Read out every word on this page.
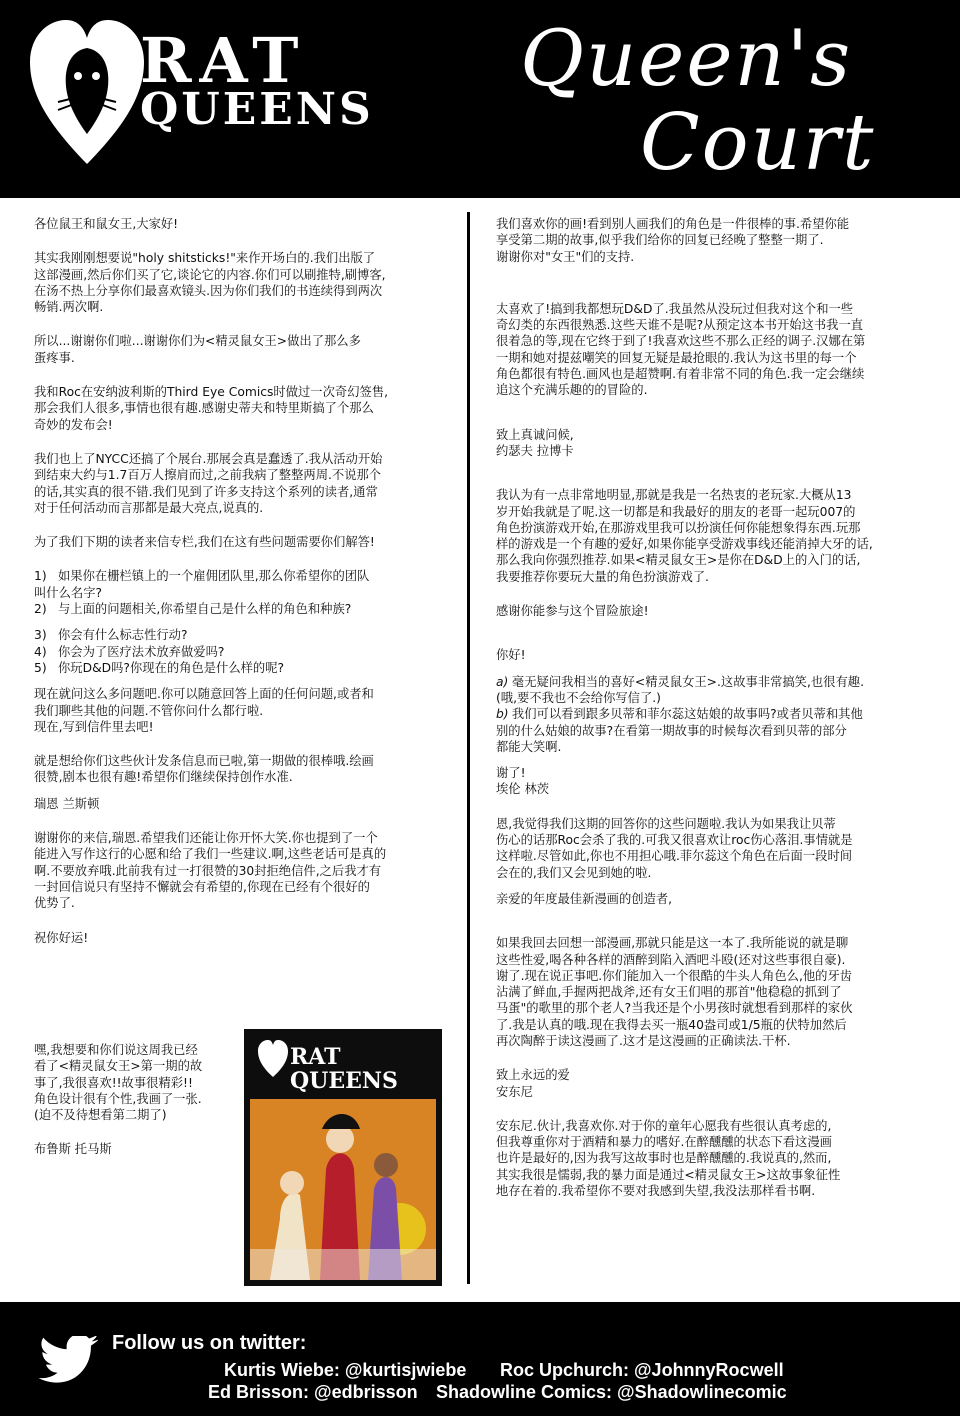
RAT
QUEENS
Queen's
Court

各位鼠王和鼠女王,大家好!

其实我刚刚想要说"holy shitsticks!"来作开场白的.我们出版了
这部漫画,然后你们买了它,谈论它的内容.你们可以刷推特,刷博客,
在汤不热上分享你们最喜欢镜头.因为你们我们的书连续得到两次
畅销.两次啊.

所以...谢谢你们啦...谢谢你们为<精灵鼠女王>做出了那么多
蛋疼事.

我和Roc在安纳波利斯的Third Eye Comics时做过一次奇幻签售,
那会我们人很多,事情也很有趣.感谢史蒂夫和特里斯搞了个那么
奇妙的发布会!

我们也上了NYCC还搞了个展台.那展会真是蠢透了.我从活动开始
到结束大约与1.7百万人擦肩而过,之前我病了整整两周.不说那个
的话,其实真的很不错.我们见到了许多支持这个系列的读者,通常
对于任何活动而言那都是最大亮点,说真的.

为了我们下期的读者来信专栏,我们在这有些问题需要你们解答!

1) 如果你在栅栏镇上的一个雇佣团队里,那么你希望你的团队
叫什么名字?
2) 与上面的问题相关,你希望自己是什么样的角色和种族?
3) 你会有什么标志性行动?
4) 你会为了医疗法术放弃做爱吗?
5) 你玩D&D吗?你现在的角色是什么样的呢?

现在就问这么多问题吧.你可以随意回答上面的任何问题,或者和
我们聊些其他的问题.不管你问什么都行啦.
现在,写到信件里去吧!

就是想给你们这些伙计发条信息而已啦,第一期做的很棒哦.绘画
很赞,剧本也很有趣!希望你们继续保持创作水准.

瑞恩 兰斯顿

谢谢你的来信,瑞恩.希望我们还能让你开怀大笑.你也提到了一个
能进入写作这行的心愿和给了我们一些建议.啊,这些老话可是真的
啊.不要放弃哦.此前我有过一打很赞的30封拒绝信件,之后我才有
一封回信说只有坚持不懈就会有希望的,你现在已经有个很好的
优势了.

祝你好运!

嘿,我想要和你们说这周我已经
看了<精灵鼠女王>第一期的故
事了,我很喜欢!!故事很精彩!!
角色设计很有个性,我画了一张.
(迫不及待想看第二期了)

布鲁斯 托马斯

RAT QUEENS

我们喜欢你的画!看到别人画我们的角色是一件很棒的事.希望你能
享受第二期的故事,似乎我们给你的回复已经晚了整整一期了.
谢谢你对"女王"们的支持.

太喜欢了!搞到我都想玩D&D了.我虽然从没玩过但我对这个和一些
奇幻类的东西很熟悉.这些天谁不是呢?从预定这本书开始这书我一直
很着急的等,现在它终于到了!我喜欢这些不那么正经的调子.汉娜在第
一期和她对提兹嘲笑的回复无疑是最抢眼的.我认为这书里的每一个
角色都很有特色.画风也是超赞啊.有着非常不同的角色.我一定会继续
追这个充满乐趣的的冒险的.

致上真诚问候,
约瑟夫 拉博卡

我认为有一点非常地明显,那就是我是一名热衷的老玩家.大概从13
岁开始我就是了呢.这一切都是和我最好的朋友的老哥一起玩007的
角色扮演游戏开始,在那游戏里我可以扮演任何你能想象得东西.玩那
样的游戏是一个有趣的爱好,如果你能享受游戏事线还能消掉大牙的话,
那么我向你强烈推荐.如果<精灵鼠女王>是你在D&D上的入门的话,
我要推荐你要玩大量的角色扮演游戏了.

感谢你能参与这个冒险旅途!

你好!

a) 毫无疑问我相当的喜好<精灵鼠女王>.这故事非常搞笑,也很有趣.
(哦,要不我也不会给你写信了.)

b) 我们可以看到跟多贝蒂和菲尔蕊这姑娘的故事吗?或者贝蒂和其他
别的什么姑娘的故事?在看第一期故事的时候每次看到贝蒂的部分
都能大笑啊.

谢了!
埃伦 林茨

恩,我觉得我们这期的回答你的这些问题啦.我认为如果我让贝蒂
伤心的话那Roc会杀了我的.可我又很喜欢让roc伤心落泪.事情就是
这样啦.尽管如此,你也不用担心哦.菲尔蕊这个角色在后面一段时间
会在的,我们又会见到她的啦.

亲爱的年度最佳新漫画的创造者,

如果我回去回想一部漫画,那就只能是这一本了.我所能说的就是聊
这些性爱,喝各种各样的酒醉到陷入酒吧斗殴(还对这些事很自豪).
谢了.现在说正事吧.你们能加入一个很酷的牛头人角色么,他的牙齿
沾满了鲜血,手握两把战斧,还有女王们唱的那首"他稳稳的抓到了
马蛋"的歌里的那个老人?当我还是个小男孩时就想看到那样的家伙
了.我是认真的哦.现在我得去买一瓶40盎司或1/5瓶的伏特加然后
再次陶醉于读这漫画了.这才是这漫画的正确读法.干杯.

致上永远的爱
安东尼

安东尼.伙计,我喜欢你.对于你的童年心愿我有些很认真考虑的,
但我尊重你对于酒精和暴力的嗜好.在醉醺醺的状态下看这漫画
也许是最好的,因为我写这故事时也是醉醺醺的.我说真的,然而,
其实我很是懦弱,我的暴力面是通过<精灵鼠女王>这故事象征性
地存在着的.我希望你不要对我感到失望,我没法那样看书啊.

Follow us on twitter:
Kurtis Wiebe: @kurtisjwiebe Roc Upchurch: @JohnnyRocwell
Ed Brisson: @edbrisson Shadowline Comics: @Shadowlinecomic
